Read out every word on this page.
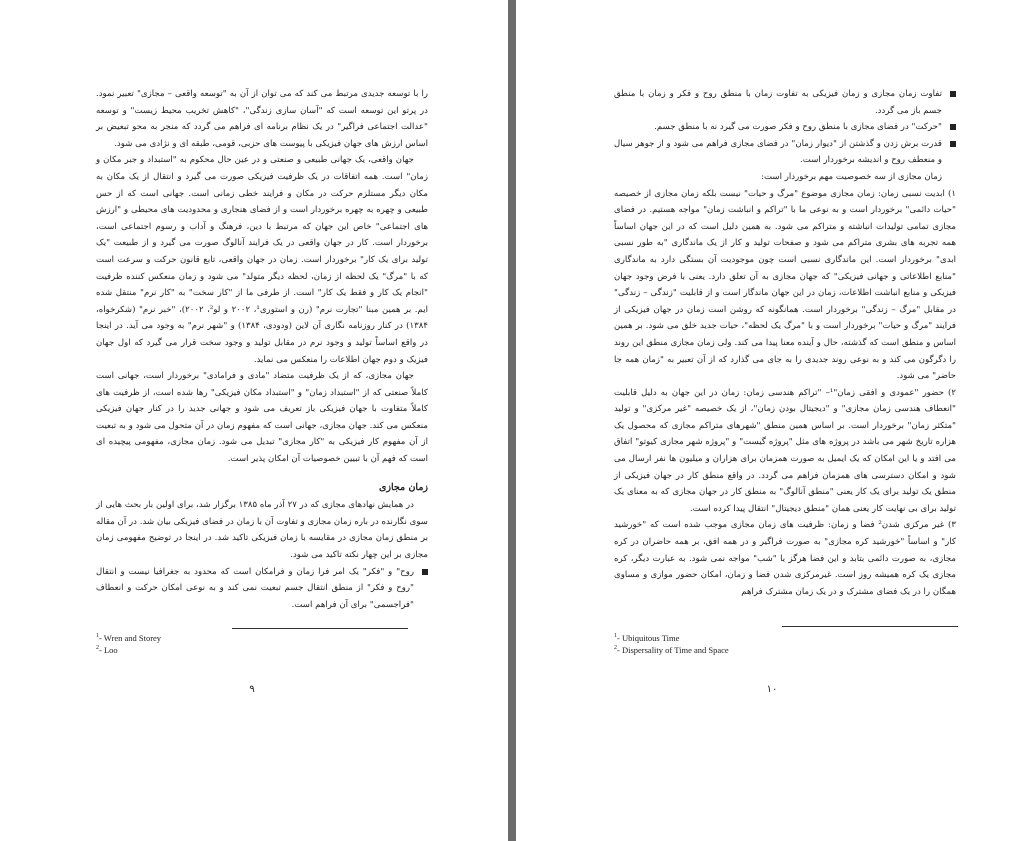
را با توسعه جدیدی مرتبط می کند که می توان از آن به "توسعه واقعی – مجازی" تعبیر نمود. در پرتو این توسعه است که "آسان سازی زندگی"، "کاهش تخریب محیط زیست" و توسعه "عدالت اجتماعی فراگیر" در یک نظام برنامه ای فراهم می گردد که منجر به محو تبعیض بر اساس ارزش های جهان فیزیکی با پیوست های حزبی، قومی، طبقه ای و نژادی می شود.

جهان واقعی، یک جهانی طبیعی و صنعتی و در عین حال محکوم به "استبداد و جبر مکان و زمان" است. همه اتفاقات در یک ظرفیت فیزیکی صورت می گیرد و انتقال از یک مکان به مکان دیگر مستلزم حرکت در مکان و فرایند خطی زمانی است. جهانی است که از حس طبیعی و چهره به چهره برخوردار است و از فضای هنجاری و محدودیت های محیطی و "ارزش های اجتماعی" خاص این جهان که مرتبط با دین، فرهنگ و آداب و رسوم اجتماعی است، برخوردار است. کار در جهان واقعی در یک فرایند آنالوگ صورت می گیرد و از طبیعت "یک تولید برای یک کار" برخوردار است. زمان در جهان واقعی، تابع قانون حرکت و سرعت است که با "مرگ" یک لحظه از زمان، لحظه دیگر متولد" می شود و زمان منعکس کننده ظرفیت "انجام یک کار و فقط یک کار" است. از طرفی ما از "کار سخت" به "کار نرم" منتقل شده ایم. بر همین مبنا "تجارت نرم" (رن و استوری¹، ۲۰۰۲ و لو²، ۲۰۰۲)، "خبر نرم" (شکرخواه، ۱۳۸۴) در کنار روزنامه نگاری آن لاین (ودودی، ۱۳۸۴) و "شهر نرم" به وجود می آید. در اینجا در واقع اساساً تولید و وجود نرم در مقابل تولید و وجود سخت قرار می گیرد که اول جهان فیزیک و دوم جهان اطلاعات را منعکس می نماید.

جهان مجازی، که از یک ظرفیت متضاد "مادی و فرامادی" برخوردار است، جهانی است کاملاً صنعتی که از "استبداد زمان" و "استبداد مکان فیزیکی" رها شده است، از ظرفیت های کاملاً متفاوت با جهان فیزیکی باز تعریف می شود و جهانی جدید را در کنار جهان فیزیکی منعکس می کند. جهان مجازی، جهانی است که مفهوم زمان در آن متحول می شود و به تبعیت از آن مفهوم کار فیزیکی به "کار مجازی" تبدیل می شود. زمان مجازی، مفهومی پیچیده ای است که فهم آن با تبیین خصوصیات آن امکان پذیر است.

زمان مجازی

در همایش نهادهای مجازی که در ۲۷ آذر ماه ۱۳۸۵ برگزار شد، برای اولین بار بحث هایی از سوی نگارنده در باره زمان مجازی و تفاوت آن با زمان در فضای فیزیکی بیان شد. در آن مقاله بر منطق زمان مجازی در مقایسه با زمان فیزیکی تاکید شد. در اینجا در توضیح مفهومی زمان مجازی بر این چهار نکته تاکید می شود.

روح" و "فکر" یک امر فرا زمان و فرامکان است که محدود به جغرافیا نیست و انتقال "روح و فکر" از منطق انتقال جسم تبعیت نمی کند و به نوعی امکان حرکت و انعطاف "فراجسمی" برای آن فراهم است.

$^1$- Wren and Storey
$^2$- Loo
۹

تفاوت زمان مجازی و زمان فیزیکی به تفاوت زمان با منطق روح و فکر و زمان با منطق جسم باز می گردد.

"حرکت" در فضای مجازی با منطق روح و فکر صورت می گیرد نه با منطق جسم.

قدرت برش زدن و گذشتن از "دیوار زمان" در فضای مجازی فراهم می شود و از جوهر سیال و منعطف روح و اندیشه برخوردار است.

زمان مجازی از سه خصوصیت مهم برخوردار است:

۱) ابدیت نسبی زمان: زمان مجازی موضوع "مرگ و حیات" نیست بلکه زمان مجازی از خصیصه "حیات دائمی" برخوردار است و به نوعی ما با "تراکم و انباشت زمان" مواجه هستیم. در فضای مجازی تمامی تولیدات انباشته و متراکم می شود. به همین دلیل است که در این جهان اساساً همه تجربه های بشری متراکم می شود و صفحات تولید و کار از یک ماندگاری "به طور نسبی ابدی" برخوردار است. این ماندگاری نسبی است چون موجودیت آن بستگی دارد به ماندگاری "منابع اطلاعاتی و جهانی فیزیکی" که جهان مجازی به آن تعلق دارد. یعنی با فرض وجود جهان فیزیکی و منابع انباشت اطلاعات، زمان در این جهان ماندگار است و از قابلیت "زندگی – زندگی" در مقابل "مرگ – زندگی" برخوردار است. همانگونه که روشن است زمان در جهان فیزیکی از فرایند "مرگ و حیات" برخوردار است و با "مرگ یک لحظه"، حیات جدید خلق می شود. بر همین اساس و منطق است که گذشته، حال و آینده معنا پیدا می کند. ولی زمان مجازی منطق این روند را دگرگون می کند و به نوعی روند جدیدی را به جای می گذارد که از آن تعبیر به "زمان همه جا حاضر" می شود.

۲) حضور "عمودی و افقی زمان"¹– "تراکم هندسی زمان: زمان در این جهان به دلیل قابلیت "انعطاف هندسی زمان مجازی" و "دیجیتال بودن زمان"، از یک خصیصه "غیر مرکزی" و تولید "متکثر زمان" برخوردار است. بر اساس همین منطق "شهرهای متراکم مجازی که محصول یک هزاره تاریخ شهر می باشد در پروژه های مثل "پروژه گیست" و "پروژه شهر مجازی کیوتو" اتفاق می افتد و یا این امکان که یک ایمیل به صورت همزمان برای هزاران و میلیون ها نفر ارسال می شود و امکان دسترسی های همزمان فراهم می گردد. در واقع منطق کار در جهان فیزیکی از منطق یک تولید برای یک کار یعنی "منطق آنالوگ" به منطق کار در جهان مجازی که به معنای یک تولید برای بی نهایت کار یعنی همان "منطق دیجیتال" انتقال پیدا کرده است.

۳) غیر مرکزی شدن² فضا و زمان: ظرفیت های زمان مجازی موجب شده است که "خورشید کار" و اساساً "خورشید کره مجازی" به صورت فراگیر و در همه افق، بر همه حاضران در کره مجازی، به صورت دائمی بتابد و این فضا هرگز با "شب" مواجه نمی شود. به عبارت دیگر، کره مجازی یک کره همیشه روز است. غیرمرکزی شدن فضا و زمان، امکان حضور موازی و مساوی همگان را در یک فضای مشترک و در یک زمان مشترک فراهم

$^1$- Ubiquitous Time
$^2$- Dispersality of Time and Space
۱۰
